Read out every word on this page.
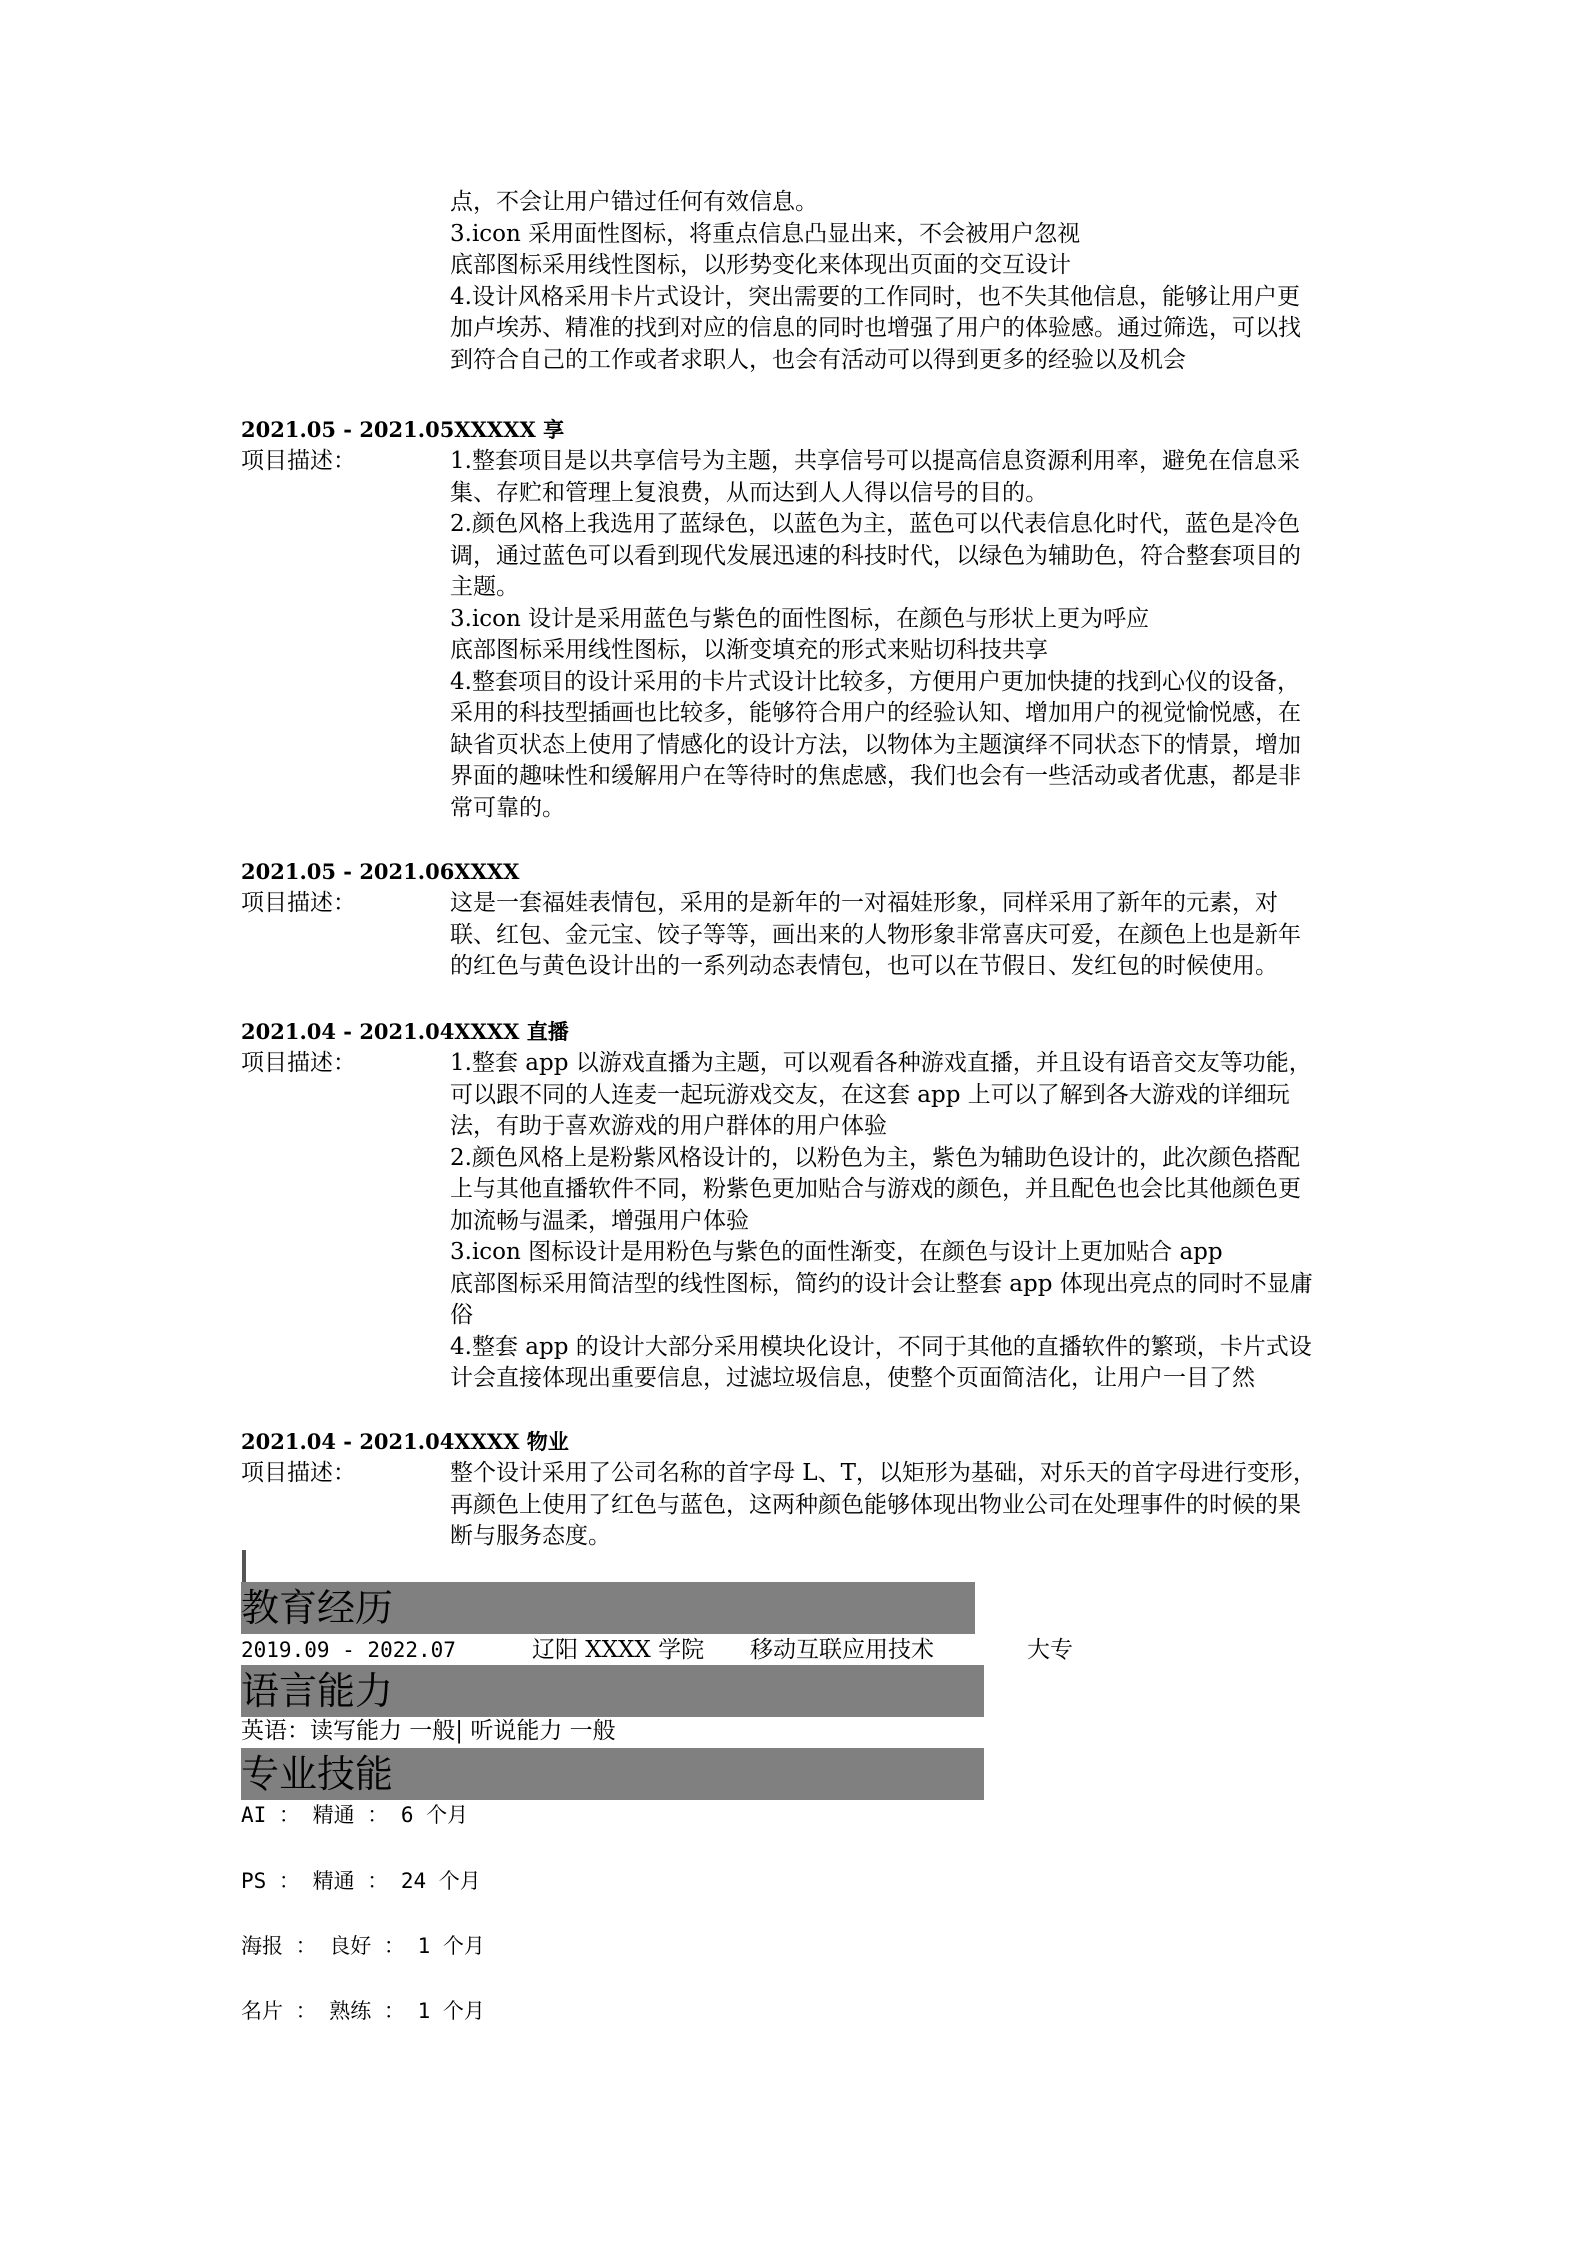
点，不会让用户错过任何有效信息。

3.icon 采用面性图标，将重点信息凸显出来，不会被用户忽视

底部图标采用线性图标，以形势变化来体现出页面的交互设计

4.设计风格采用卡片式设计，突出需要的工作同时，也不失其他信息，能够让用户更

加卢埃苏、精准的找到对应的信息的同时也增强了用户的体验感。通过筛选，可以找

到符合自己的工作或者求职人，也会有活动可以得到更多的经验以及机会

2021.05 - 2021.05XXXXX 享
项目描述：	1.整套项目是以共享信号为主题，共享信号可以提高信息资源利用率，避免在信息采

集、存贮和管理上复浪费，从而达到人人得以信号的目的。

2.颜色风格上我选用了蓝绿色，以蓝色为主，蓝色可以代表信息化时代，蓝色是冷色

调，通过蓝色可以看到现代发展迅速的科技时代，以绿色为辅助色，符合整套项目的

主题。

3.icon 设计是采用蓝色与紫色的面性图标，在颜色与形状上更为呼应

底部图标采用线性图标，以渐变填充的形式来贴切科技共享

4.整套项目的设计采用的卡片式设计比较多，方便用户更加快捷的找到心仪的设备，

采用的科技型插画也比较多，能够符合用户的经验认知、增加用户的视觉愉悦感，在

缺省页状态上使用了情感化的设计方法，以物体为主题演绎不同状态下的情景，增加

界面的趣味性和缓解用户在等待时的焦虑感，我们也会有一些活动或者优惠，都是非

常可靠的。

2021.05 - 2021.06XXXX
项目描述：	这是一套福娃表情包，采用的是新年的一对福娃形象，同样采用了新年的元素，对

联、红包、金元宝、饺子等等，画出来的人物形象非常喜庆可爱，在颜色上也是新年

的红色与黄色设计出的一系列动态表情包，也可以在节假日、发红包的时候使用。

2021.04 - 2021.04XXXX 直播
项目描述：	1.整套 app 以游戏直播为主题，可以观看各种游戏直播，并且设有语音交友等功能，

可以跟不同的人连麦一起玩游戏交友，在这套 app 上可以了解到各大游戏的详细玩

法，有助于喜欢游戏的用户群体的用户体验

2.颜色风格上是粉紫风格设计的，以粉色为主，紫色为辅助色设计的，此次颜色搭配

上与其他直播软件不同，粉紫色更加贴合与游戏的颜色，并且配色也会比其他颜色更

加流畅与温柔，增强用户体验

3.icon 图标设计是用粉色与紫色的面性渐变，在颜色与设计上更加贴合 app

底部图标采用简洁型的线性图标，简约的设计会让整套 app 体现出亮点的同时不显庸

俗

4.整套 app 的设计大部分采用模块化设计，不同于其他的直播软件的繁琐，卡片式设

计会直接体现出重要信息，过滤垃圾信息，使整个页面简洁化，让用户一目了然

2021.04 - 2021.04XXXX 物业
项目描述：	整个设计采用了公司名称的首字母 L、T，以矩形为基础，对乐天的首字母进行变形，

再颜色上使用了红色与蓝色，这两种颜色能够体现出物业公司在处理事件的时候的果

断与服务态度。

教育经历
2019.09 - 2022.07	辽阳 XXXX 学院 移动互联应用技术	大专
语言能力
英语：读写能力 一般| 听说能力 一般
专业技能
AI ： 精通 ： 6 个月
PS ： 精通 ： 24 个月
海报 ： 良好 ： 1 个月
名片 ： 熟练 ： 1 个月
